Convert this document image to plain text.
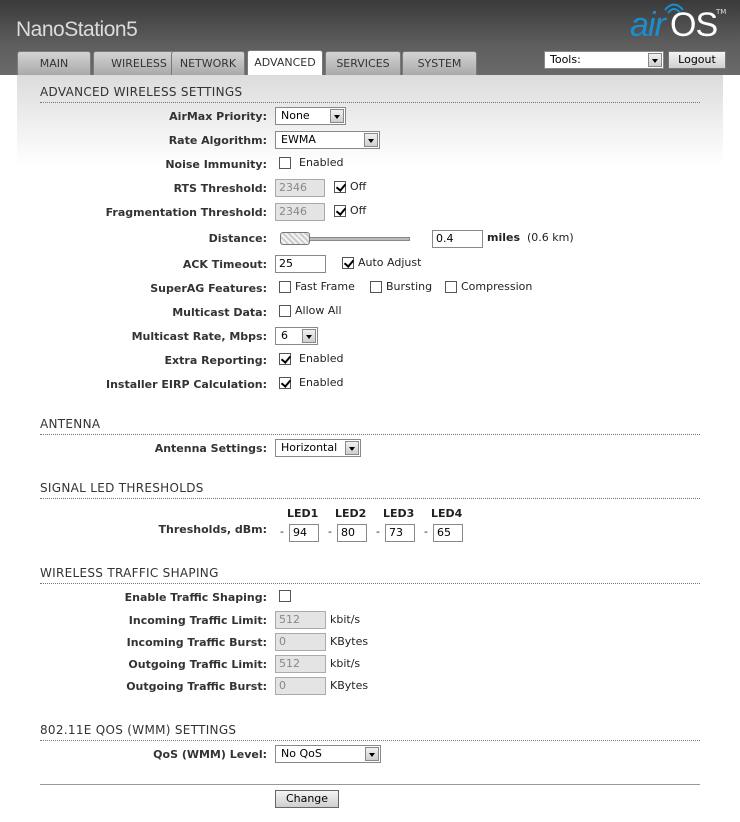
NanoStation5	air OS
TM
MAIN	WIRELESS	NETWORK	ADVANCED	SERVICES	SYSTEM	Tools:	Logout
ADVANCED WIRELESS SETTINGS
AirMax Priority: None
Rate Algorithm: EWMA
Noise Immunity:	Enabled
RTS Threshold:	2346	Off
Fragmentation Threshold:	2346	Off
Distance:	0.4	miles (0.6 km)
ACK Timeout:	25	Auto Adjust
SuperAG Features:	Fast Frame	Bursting	Compression
Multicast Data:	Allow All
Multicast Rate, Mbps: 6
Extra Reporting:	Enabled
Installer EIRP Calculation:	Enabled
ANTENNA
Antenna Settings: Horizontal
SIGNAL LED THRESHOLDS
LED1 LED2 LED3 LED4
Thresholds, dBm: - 94	- 80	- 73	- 65
WIRELESS TRAFFIC SHAPING
Enable Traffic Shaping:
Incoming Traffic Limit:	512	kbit/s
Incoming Traffic Burst:	0	KBytes
Outgoing Traffic Limit:	512	kbit/s
Outgoing Traffic Burst:	0	KBytes
802.11E QOS (WMM) SETTINGS
QoS (WMM) Level: No QoS
Change
